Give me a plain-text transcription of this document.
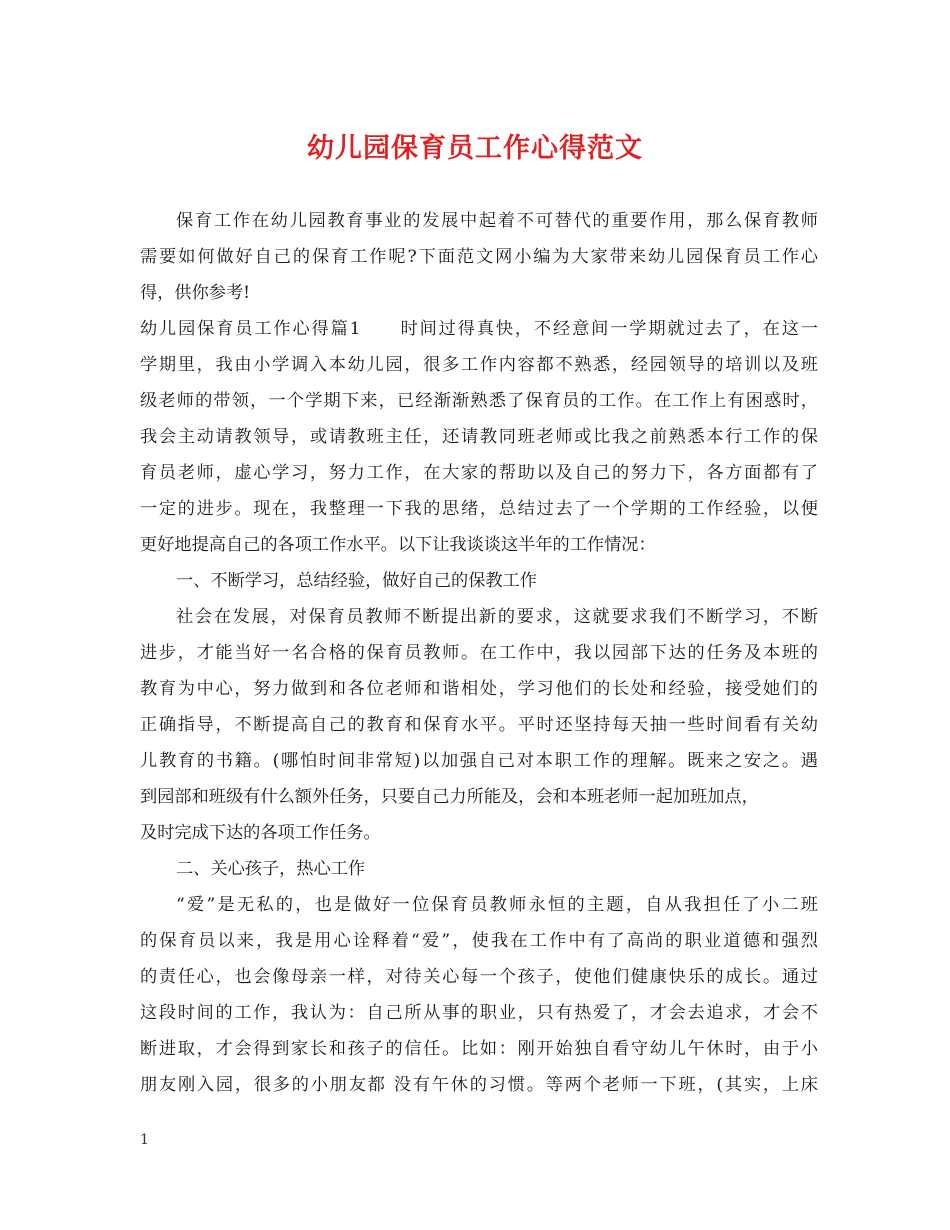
幼儿园保育员工作心得范文
保育工作在幼儿园教育事业的发展中起着不可替代的重要作用，那么保育教师
需要如何做好自己的保育工作呢?下面范文网小编为大家带来幼儿园保育员工作心
得，供你参考!
幼儿园保育员工作心得篇1　　时间过得真快，不经意间一学期就过去了，在这一
学期里，我由小学调入本幼儿园，很多工作内容都不熟悉，经园领导的培训以及班
级老师的带领，一个学期下来，已经渐渐熟悉了保育员的工作。在工作上有困惑时，
我会主动请教领导，或请教班主任，还请教同班老师或比我之前熟悉本行工作的保
育员老师，虚心学习，努力工作，在大家的帮助以及自己的努力下，各方面都有了
一定的进步。现在，我整理一下我的思绪，总结过去了一个学期的工作经验，以便
更好地提高自己的各项工作水平。以下让我谈谈这半年的工作情况：
一、不断学习，总结经验，做好自己的保教工作
社会在发展，对保育员教师不断提出新的要求，这就要求我们不断学习，不断
进步，才能当好一名合格的保育员教师。在工作中，我以园部下达的任务及本班的
教育为中心，努力做到和各位老师和谐相处，学习他们的长处和经验，接受她们的
正确指导，不断提高自己的教育和保育水平。平时还坚持每天抽一些时间看有关幼
儿教育的书籍。(哪怕时间非常短)以加强自己对本职工作的理解。既来之安之。遇
到园部和班级有什么额外任务，只要自己力所能及，会和本班老师一起加班加点，
及时完成下达的各项工作任务。
二、关心孩子，热心工作
“爱”是无私的，也是做好一位保育员教师永恒的主题，自从我担任了小二班
的保育员以来，我是用心诠释着“爱”，使我在工作中有了高尚的职业道德和强烈
的责任心，也会像母亲一样，对待关心每一个孩子，使他们健康快乐的成长。通过
这段时间的工作，我认为：自己所从事的职业，只有热爱了，才会去追求，才会不
断进取，才会得到家长和孩子的信任。比如：刚开始独自看守幼儿午休时，由于小
朋友刚入园，很多的小朋友都 没有午休的习惯。等两个老师一下班，(其实，上床
1
